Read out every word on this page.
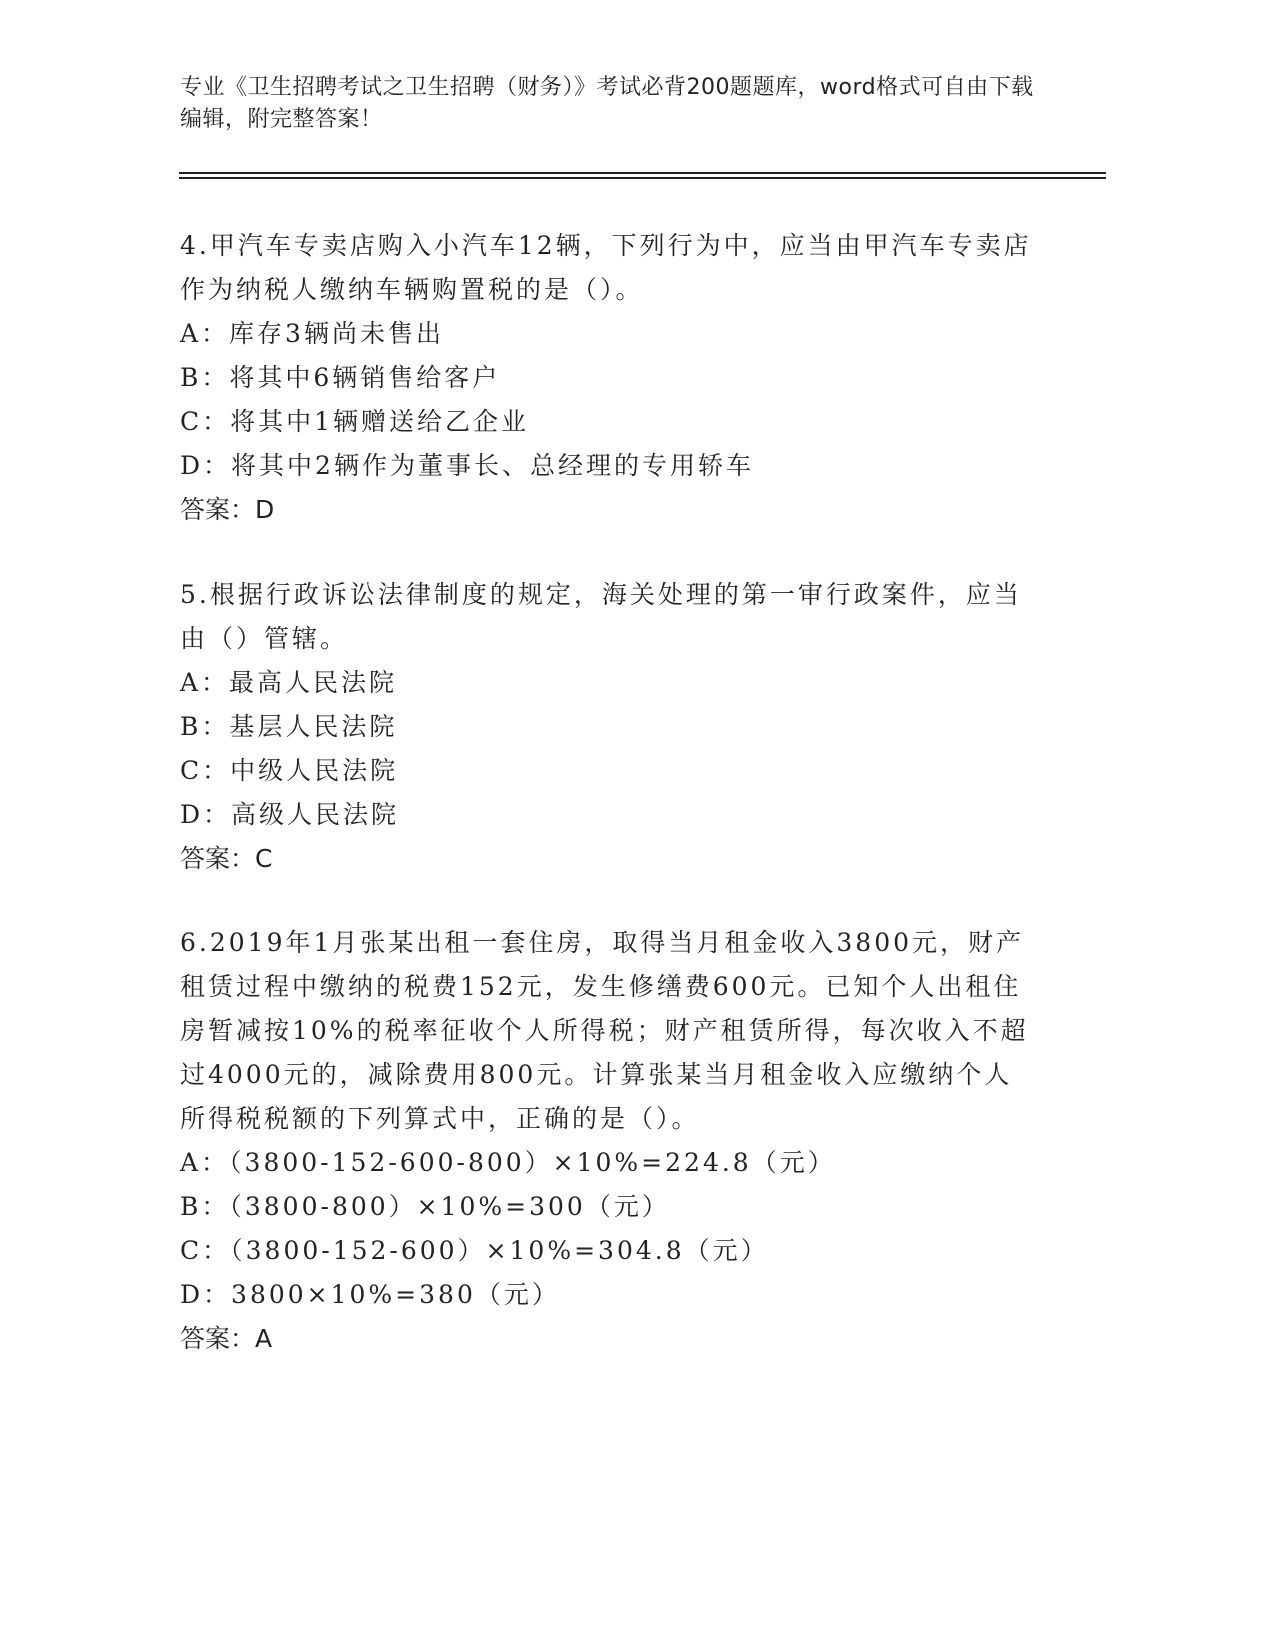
专业《卫生招聘考试之卫生招聘（财务）》考试必背200题题库，word格式可自由下载编辑，附完整答案！

4.甲汽车专卖店购入小汽车12辆，下列行为中，应当由甲汽车专卖店作为纳税人缴纳车辆购置税的是（）。

A：库存3辆尚未售出

B：将其中6辆销售给客户

C：将其中1辆赠送给乙企业

D：将其中2辆作为董事长、总经理的专用轿车

答案：D

5.根据行政诉讼法律制度的规定，海关处理的第一审行政案件，应当由（）管辖。

A：最高人民法院

B：基层人民法院

C：中级人民法院

D：高级人民法院

答案：C

6.2019年1月张某出租一套住房，取得当月租金收入3800元，财产租赁过程中缴纳的税费152元，发生修缮费600元。已知个人出租住房暂减按10%的税率征收个人所得税；财产租赁所得，每次收入不超过4000元的，减除费用800元。计算张某当月租金收入应缴纳个人所得税税额的下列算式中，正确的是（）。

A：（3800-152-600-800）×10%=224.8（元）

B：（3800-800）×10%=300（元）

C：（3800-152-600）×10%=304.8（元）

D：3800×10%=380（元）

答案：A
